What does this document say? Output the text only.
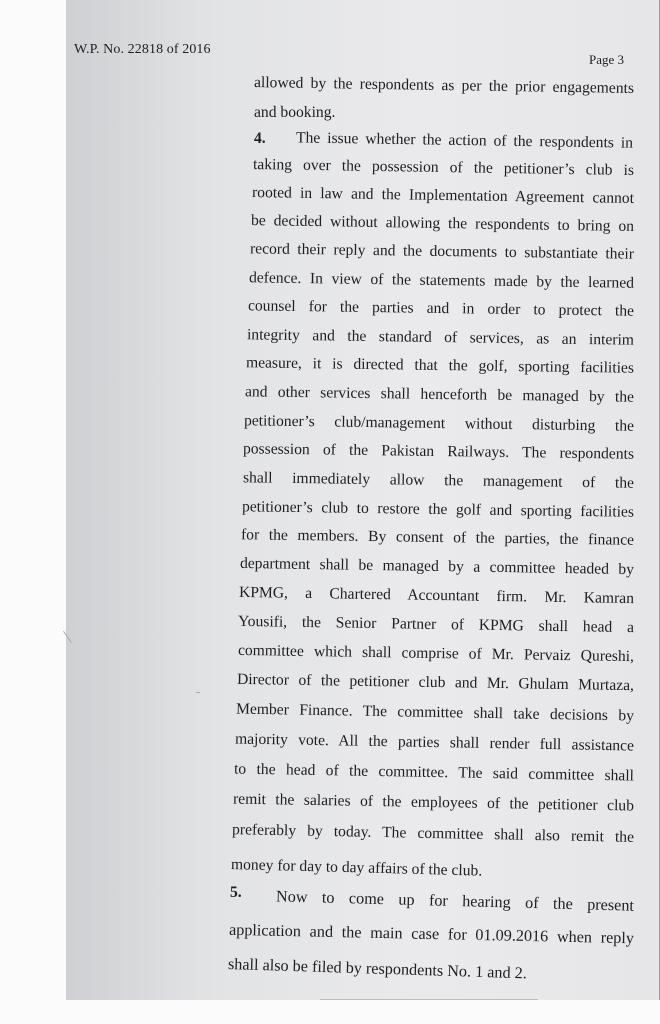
W.P. No. 22818 of 2016
Page 3
allowed by the respondents as per the prior engagements
and booking.
4. The issue whether the action of the respondents in
taking over the possession of the petitioner’s club is
rooted in law and the Implementation Agreement cannot
be decided without allowing the respondents to bring on
record their reply and the documents to substantiate their
defence. In view of the statements made by the learned
counsel for the parties and in order to protect the
integrity and the standard of services, as an interim
measure, it is directed that the golf, sporting facilities
and other services shall henceforth be managed by the
petitioner’s club/management without disturbing the
possession of the Pakistan Railways. The respondents
shall immediately allow the management of the
petitioner’s club to restore the golf and sporting facilities
for the members. By consent of the parties, the finance
department shall be managed by a committee headed by
KPMG, a Chartered Accountant firm. Mr. Kamran
Yousifi, the Senior Partner of KPMG shall head a
committee which shall comprise of Mr. Pervaiz Qureshi,
Director of the petitioner club and Mr. Ghulam Murtaza,
Member Finance. The committee shall take decisions by
majority vote. All the parties shall render full assistance
to the head of the committee. The said committee shall
remit the salaries of the employees of the petitioner club
preferably by today. The committee shall also remit the
money for day to day affairs of the club.
5. Now to come up for hearing of the present
application and the main case for 01.09.2016 when reply
shall also be filed by respondents No. 1 and 2.
